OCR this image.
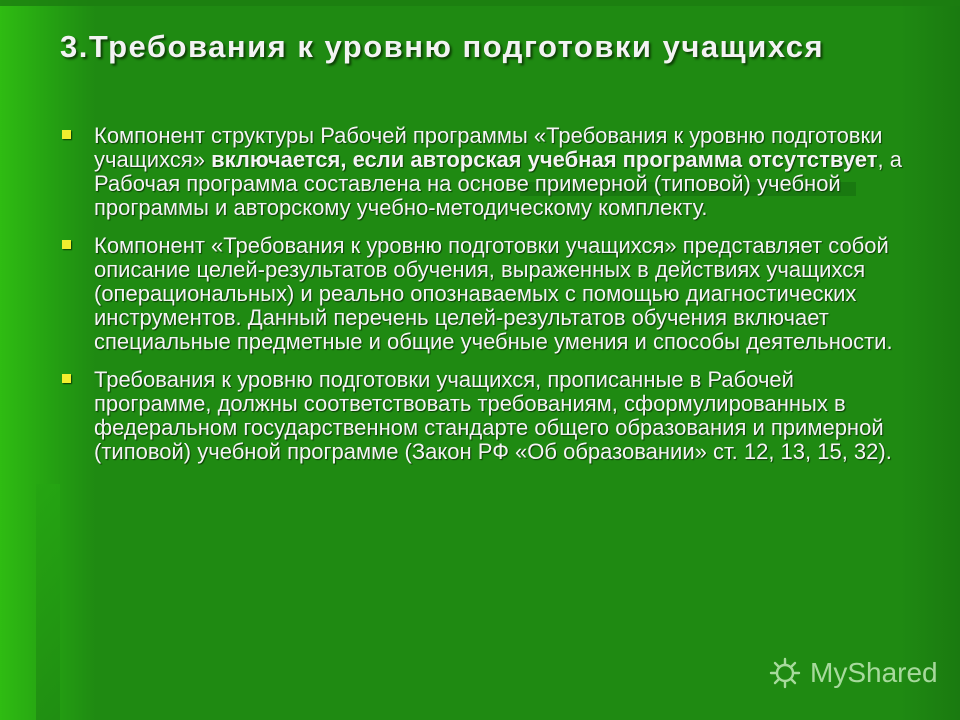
3.Требования к уровню подготовки учащихся
Компонент структуры Рабочей программы «Требования к уровню подготовки учащихся» включается, если авторская учебная программа отсутствует, а Рабочая программа составлена на основе примерной (типовой) учебной программы и авторскому учебно-методическому комплекту.
Компонент «Требования к уровню подготовки учащихся» представляет собой описание целей-результатов обучения, выраженных в действиях учащихся (операциональных) и реально опознаваемых с помощью диагностических инструментов. Данный перечень целей-результатов обучения включает специальные предметные и общие учебные умения и способы деятельности.
Требования к уровню подготовки учащихся, прописанные в Рабочей программе, должны соответствовать требованиям, сформулированных в федеральном государственном стандарте общего образования и примерной (типовой) учебной программе (Закон РФ «Об образовании» ст. 12, 13, 15, 32).
MyShared
